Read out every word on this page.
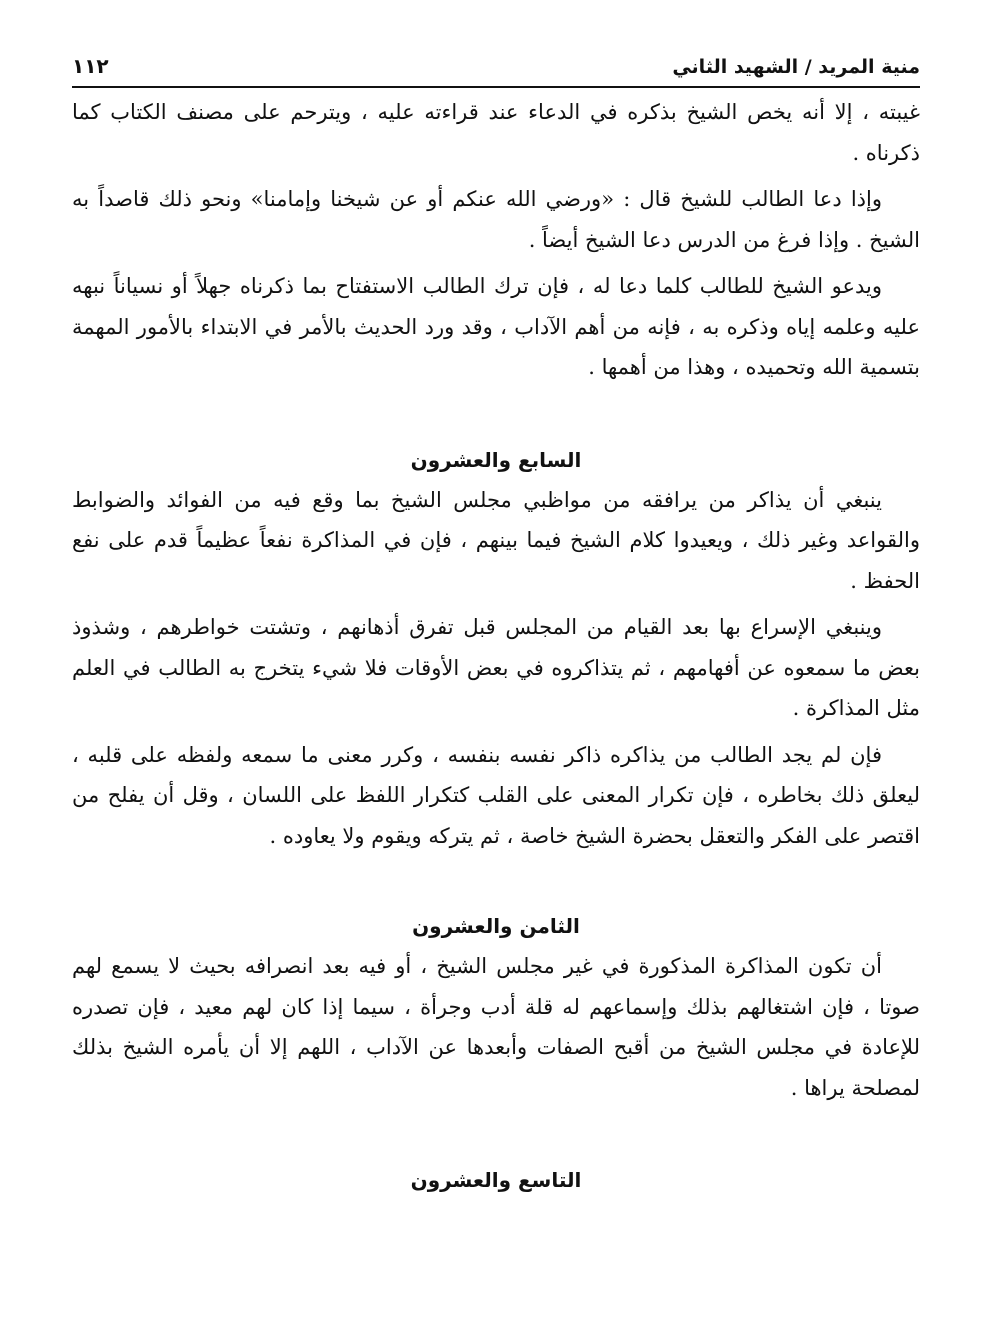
منية المريد / الشهيد الثاني
١١٢

غيبته ، إلا أنه يخص الشيخ بذكره في الدعاء عند قراءته عليه ، ويترحم على مصنف الكتاب كما ذكرناه .

وإذا دعا الطالب للشيخ قال : «ورضي الله عنكم أو عن شيخنا وإمامنا» ونحو ذلك قاصداً به الشيخ . وإذا فرغ من الدرس دعا الشيخ أيضاً .

ويدعو الشيخ للطالب كلما دعا له ، فإن ترك الطالب الاستفتاح بما ذكرناه جهلاً أو نسياناً نبهه عليه وعلمه إياه وذكره به ، فإنه من أهم الآداب ، وقد ورد الحديث بالأمر في الابتداء بالأمور المهمة بتسمية الله وتحميده ، وهذا من أهمها .

السابع والعشرون

ينبغي أن يذاكر من يرافقه من مواظبي مجلس الشيخ بما وقع فيه من الفوائد والضوابط والقواعد وغير ذلك ، ويعيدوا كلام الشيخ فيما بينهم ، فإن في المذاكرة نفعاً عظيماً قدم على نفع الحفظ .

وينبغي الإسراع بها بعد القيام من المجلس قبل تفرق أذهانهم ، وتشتت خواطرهم ، وشذوذ بعض ما سمعوه عن أفهامهم ، ثم يتذاكروه في بعض الأوقات فلا شيء يتخرج به الطالب في العلم مثل المذاكرة .

فإن لم يجد الطالب من يذاكره ذاكر نفسه بنفسه ، وكرر معنى ما سمعه ولفظه على قلبه ، ليعلق ذلك بخاطره ، فإن تكرار المعنى على القلب كتكرار اللفظ على اللسان ، وقل أن يفلح من اقتصر على الفكر والتعقل بحضرة الشيخ خاصة ، ثم يتركه ويقوم ولا يعاوده .

الثامن والعشرون

أن تكون المذاكرة المذكورة في غير مجلس الشيخ ، أو فيه بعد انصرافه بحيث لا يسمع لهم صوتا ، فإن اشتغالهم بذلك وإسماعهم له قلة أدب وجرأة ، سيما إذا كان لهم معيد ، فإن تصدره للإعادة في مجلس الشيخ من أقبح الصفات وأبعدها عن الآداب ، اللهم إلا أن يأمره الشيخ بذلك لمصلحة يراها .

التاسع والعشرون
